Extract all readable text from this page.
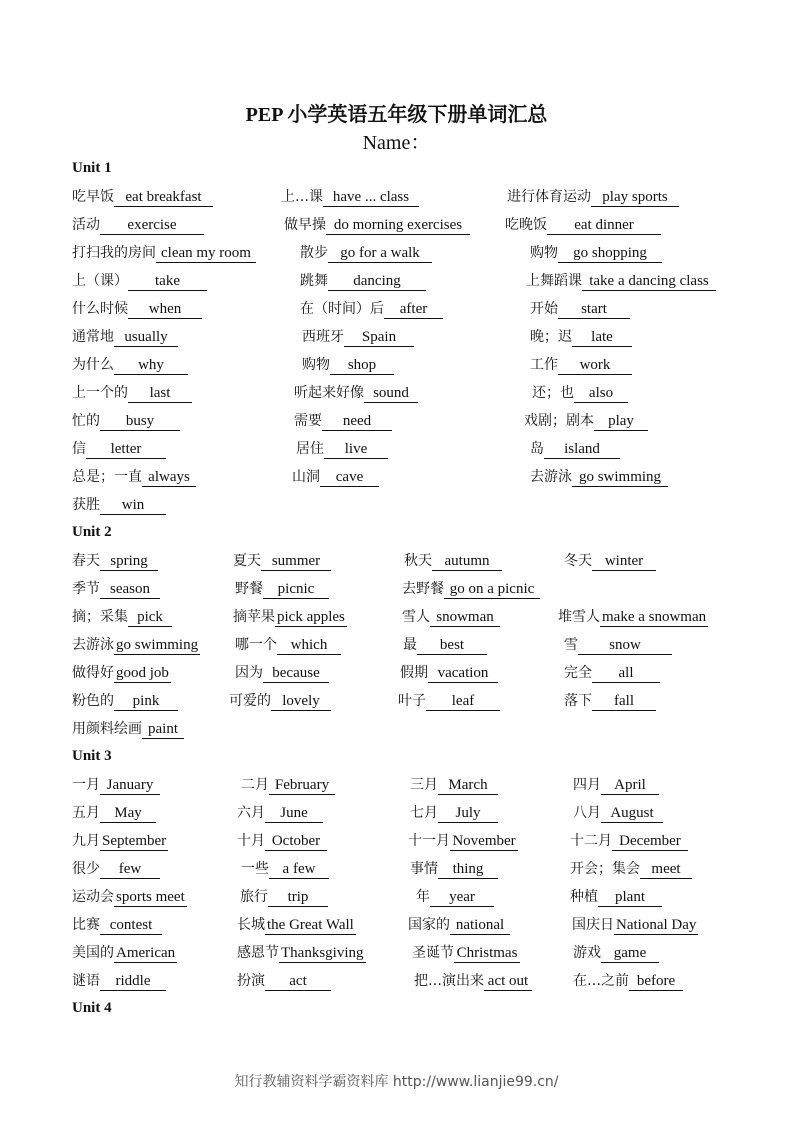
PEP 小学英语五年级下册单词汇总
Name：
Unit 1
吃早饭 eat breakfast	上…课 have ... class	进行体育运动 play sports
活动 exercise	做早操 do morning exercises	吃晚饭 eat dinner
打扫我的房间 clean my room	散步 go for a walk	购物 go shopping
上（课） take	跳舞 dancing	上舞蹈课 take a dancing class
什么时候 when	在（时间）后 after	开始 start
通常地 usually	西班牙 Spain	晚；迟 late
为什么 why	购物 shop	工作 work
上一个的 last	听起来好像 sound	还；也 also
忙的 busy	需要 need	戏剧；剧本 play
信 letter	居住 live	岛 island
总是；一直 always	山洞 cave	去游泳 go swimming
获胜 win
Unit 2
春天 spring	夏天 summer	秋天 autumn	冬天 winter
季节 season	野餐 picnic	去野餐 go on a picnic
摘；采集 pick	摘苹果 pick apples	雪人 snowman	堆雪人 make a snowman
去游泳 go swimming	哪一个 which	最 best	雪 snow
做得好 good job	因为 because	假期 vacation	完全 all
粉色的 pink	可爱的 lovely	叶子 leaf	落下 fall
用颜料绘画 paint
Unit 3
一月 January	二月 February	三月 March	四月 April
五月 May	六月 June	七月 July	八月 August
九月 September	十月 October	十一月 November	十二月 December
很少 few	一些 a few	事情 thing	开会；集会 meet
运动会 sports meet	旅行 trip	年 year	种植 plant
比赛 contest	长城 the Great Wall	国家的 national	国庆日 National Day
美国的 American	感恩节 Thanksgiving	圣诞节 Christmas	游戏 game
谜语 riddle	扮演 act	把…演出来 act out	在…之前 before
Unit 4
知行教辅资料学霸资料库 http://www.lianjie99.cn/
